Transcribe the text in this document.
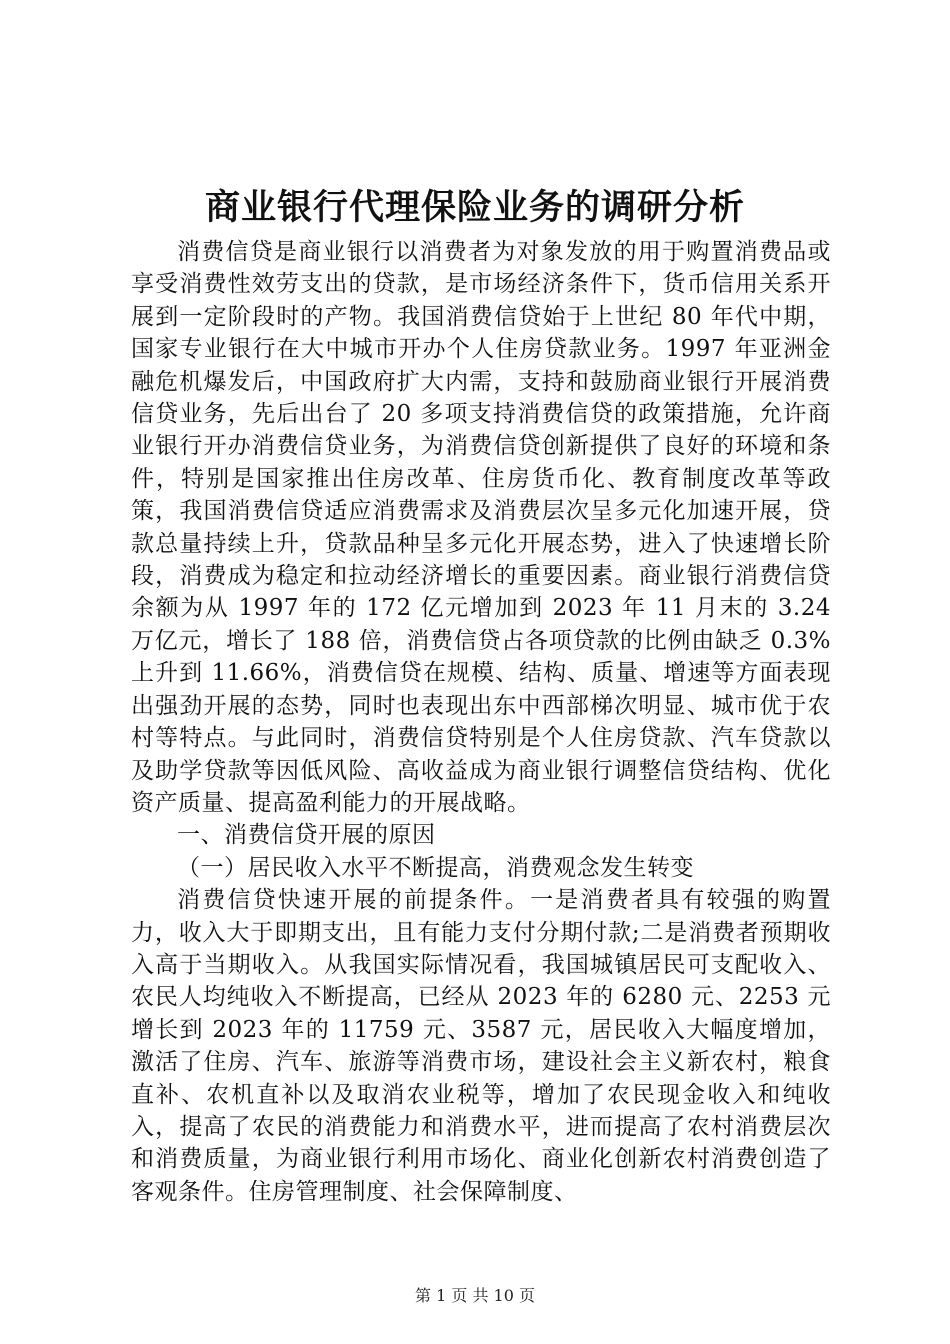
商业银行代理保险业务的调研分析

消费信贷是商业银行以消费者为对象发放的用于购置消费品或享受消费性效劳支出的贷款，是市场经济条件下，货币信用关系开展到一定阶段时的产物。我国消费信贷始于上世纪 80 年代中期，国家专业银行在大中城市开办个人住房贷款业务。1997 年亚洲金融危机爆发后，中国政府扩大内需，支持和鼓励商业银行开展消费信贷业务，先后出台了 20 多项支持消费信贷的政策措施，允许商业银行开办消费信贷业务，为消费信贷创新提供了良好的环境和条件，特别是国家推出住房改革、住房货币化、教育制度改革等政策，我国消费信贷适应消费需求及消费层次呈多元化加速开展，贷款总量持续上升，贷款品种呈多元化开展态势，进入了快速增长阶段，消费成为稳定和拉动经济增长的重要因素。商业银行消费信贷余额为从 1997 年的 172 亿元增加到 2023 年 11 月末的 3.24 万亿元，增长了 188 倍，消费信贷占各项贷款的比例由缺乏 0.3%上升到 11.66%，消费信贷在规模、结构、质量、增速等方面表现出强劲开展的态势，同时也表现出东中西部梯次明显、城市优于农村等特点。与此同时，消费信贷特别是个人住房贷款、汽车贷款以及助学贷款等因低风险、高收益成为商业银行调整信贷结构、优化资产质量、提高盈利能力的开展战略。

一、消费信贷开展的原因

（一）居民收入水平不断提高，消费观念发生转变

消费信贷快速开展的前提条件。一是消费者具有较强的购置力，收入大于即期支出，且有能力支付分期付款;二是消费者预期收入高于当期收入。从我国实际情况看，我国城镇居民可支配收入、农民人均纯收入不断提高，已经从 2023 年的 6280 元、2253 元增长到 2023 年的 11759 元、3587 元，居民收入大幅度增加，激活了住房、汽车、旅游等消费市场，建设社会主义新农村，粮食直补、农机直补以及取消农业税等，增加了农民现金收入和纯收入，提高了农民的消费能力和消费水平，进而提高了农村消费层次和消费质量，为商业银行利用市场化、商业化创新农村消费创造了客观条件。住房管理制度、社会保障制度、

第 1 页 共 10 页
